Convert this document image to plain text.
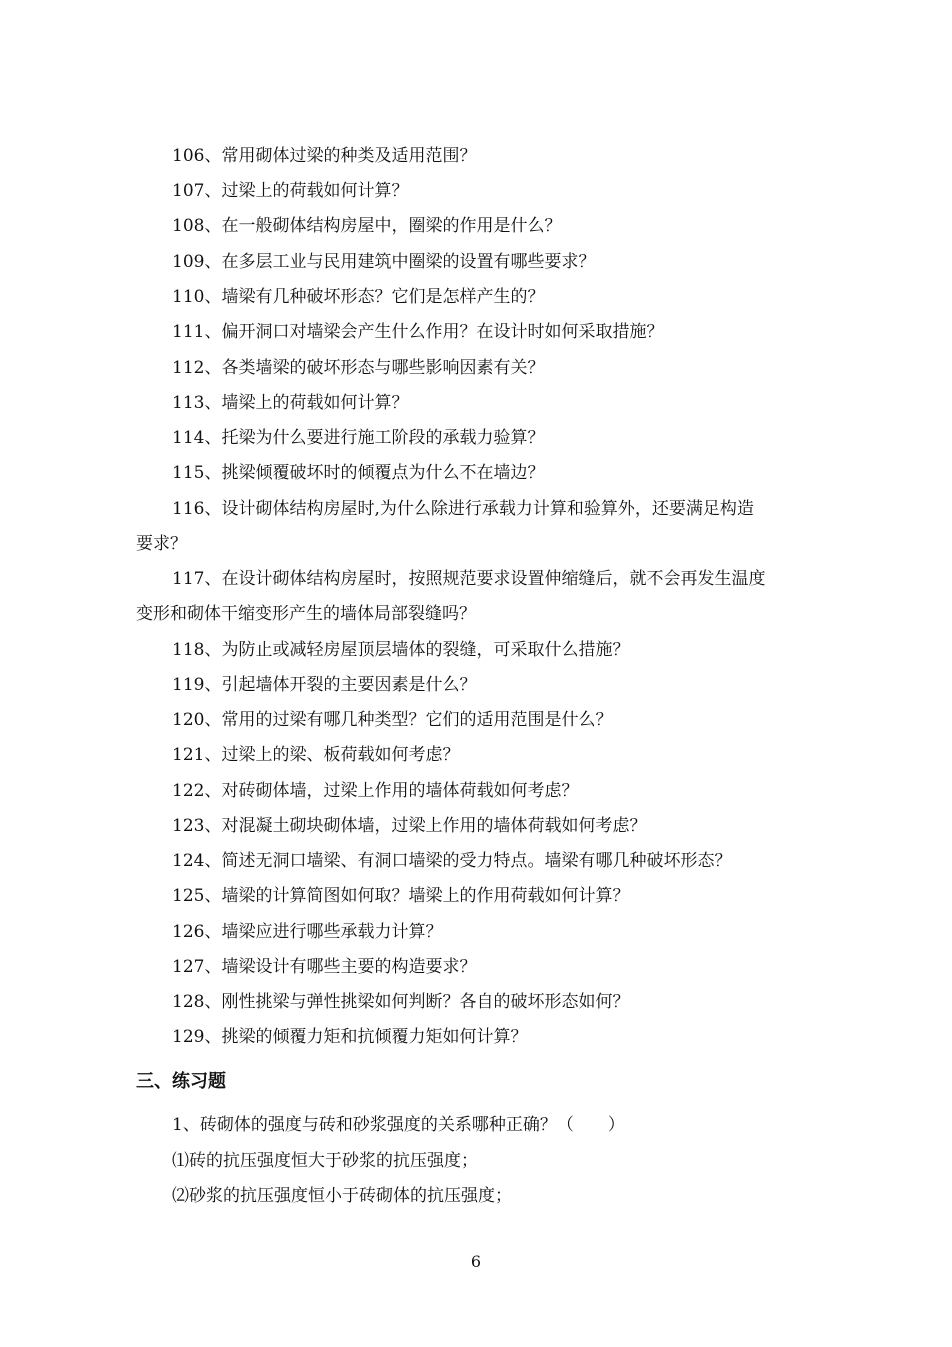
106、常用砌体过梁的种类及适用范围？
107、过梁上的荷载如何计算？
108、在一般砌体结构房屋中，圈梁的作用是什么？
109、在多层工业与民用建筑中圈梁的设置有哪些要求？
110、墙梁有几种破坏形态？它们是怎样产生的？
111、偏开洞口对墙梁会产生什么作用？在设计时如何采取措施？
112、各类墙梁的破坏形态与哪些影响因素有关？
113、墙梁上的荷载如何计算？
114、托梁为什么要进行施工阶段的承载力验算？
115、挑梁倾覆破坏时的倾覆点为什么不在墙边？
116、设计砌体结构房屋时,为什么除进行承载力计算和验算外，还要满足构造
要求？
117、在设计砌体结构房屋时，按照规范要求设置伸缩缝后，就不会再发生温度
变形和砌体干缩变形产生的墙体局部裂缝吗？
118、为防止或减轻房屋顶层墙体的裂缝，可采取什么措施？
119、引起墙体开裂的主要因素是什么？
120、常用的过梁有哪几种类型？它们的适用范围是什么？
121、过梁上的梁、板荷载如何考虑？
122、对砖砌体墙，过梁上作用的墙体荷载如何考虑？
123、对混凝土砌块砌体墙，过梁上作用的墙体荷载如何考虑？
124、简述无洞口墙梁、有洞口墙梁的受力特点。墙梁有哪几种破坏形态？
125、墙梁的计算简图如何取？墙梁上的作用荷载如何计算？
126、墙梁应进行哪些承载力计算？
127、墙梁设计有哪些主要的构造要求？
128、刚性挑梁与弹性挑梁如何判断？各自的破坏形态如何？
129、挑梁的倾覆力矩和抗倾覆力矩如何计算？
三、练习题
1、砖砌体的强度与砖和砂浆强度的关系哪种正确？（　　）
⑴砖的抗压强度恒大于砂浆的抗压强度；
⑵砂浆的抗压强度恒小于砖砌体的抗压强度；
6
